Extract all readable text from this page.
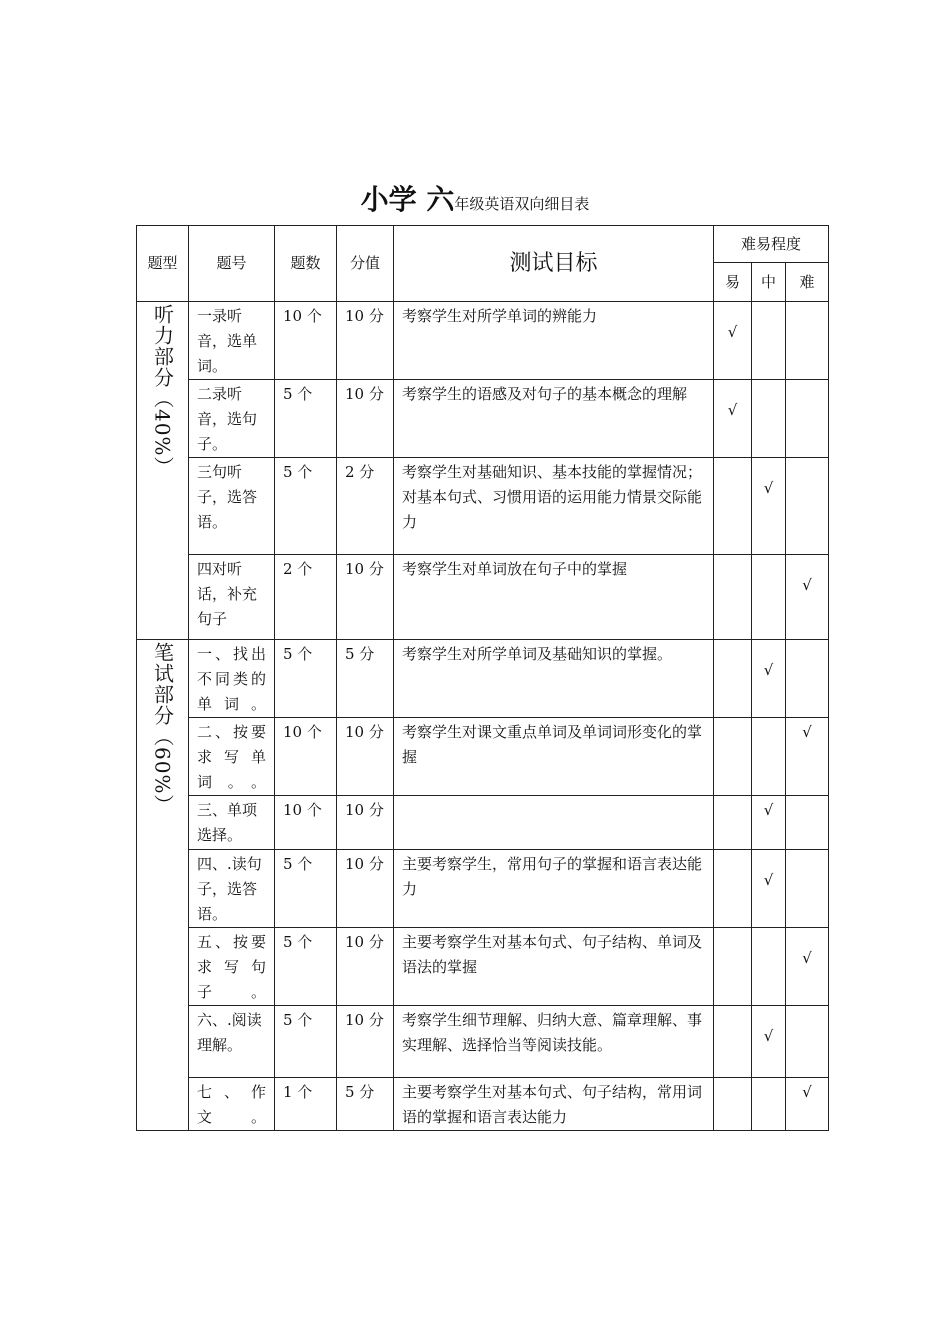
小学 六年级英语双向细目表
题型	题号	题数	分值	测试目标	难易程度		
					易	中	难
听力部分（40%）	一录听音，选单词。	10 个	10 分	考察学生对所学单词的辨能力	√		
	二录听音，选句子。	5 个	10 分	考察学生的语感及对句子的基本概念的理解	√		
	三句听子，选答语。	5 个	2 分	考察学生对基础知识、基本技能的掌握情况；对基本句式、习惯用语的运用能力情景交际能力		√	
	四对听话，补充句子	2 个	10 分	考察学生对单词放在句子中的掌握			√
笔试部分（60%）	一、找出不同类的单词。	5 个	5 分	考察学生对所学单词及基础知识的掌握。		√	
	二、按要求写单词。。	10 个	10 分	考察学生对课文重点单词及单词词形变化的掌握			√
	三、单项选择。	10 个	10 分			√	
	四、.读句子，选答语。	5 个	10 分	主要考察学生，常用句子的掌握和语言表达能力		√	
	五、按要求写句子。	5 个	10 分	主要考察学生对基本句式、句子结构、单词及语法的掌握			√
	六、.阅读理解。	5 个	10 分	考察学生细节理解、归纳大意、篇章理解、事实理解、选择恰当等阅读技能。		√	
	七、作文。	1 个	5 分	主要考察学生对基本句式、句子结构，常用词语的掌握和语言表达能力			√
